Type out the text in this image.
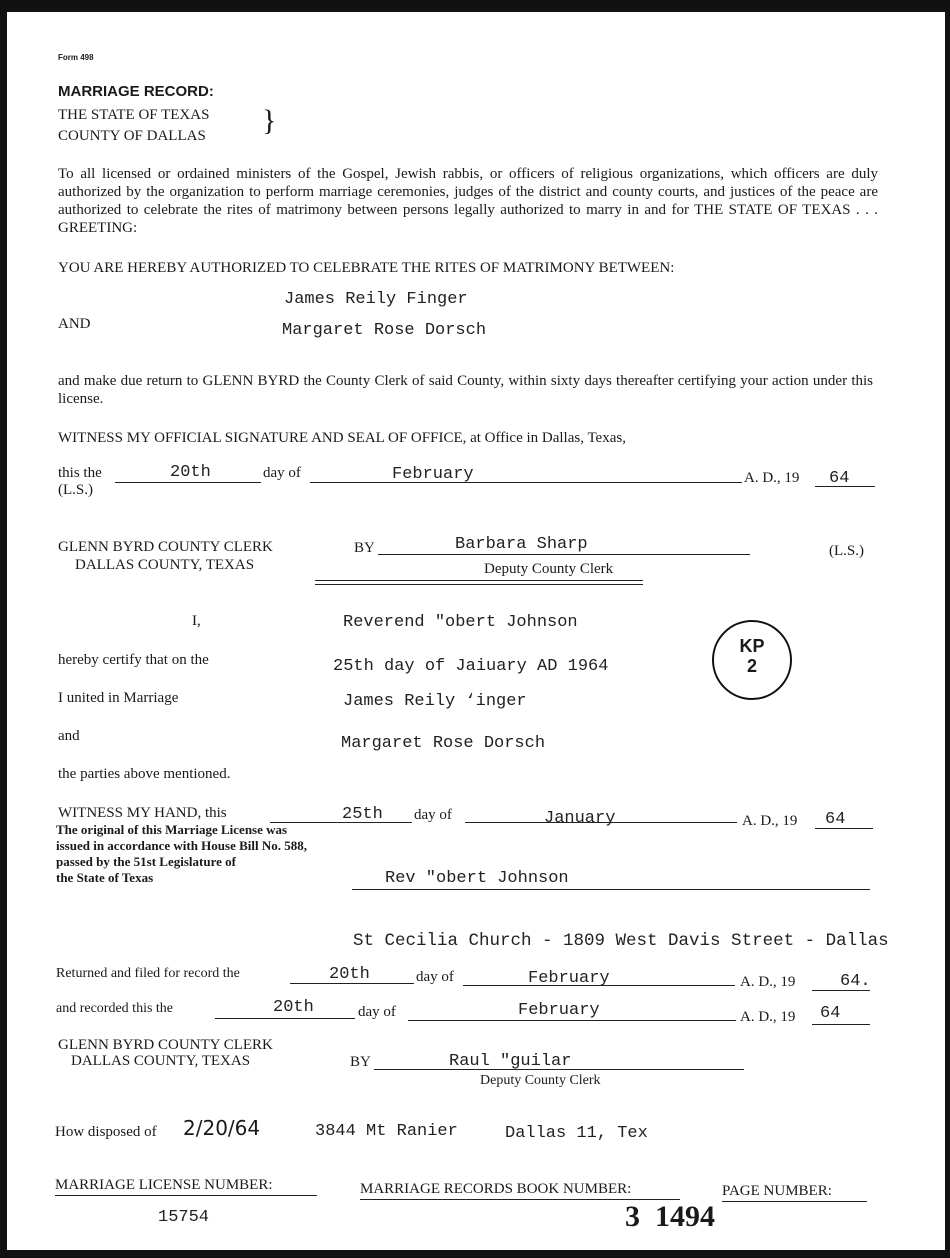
Form 498
MARRIAGE RECORD:
THE STATE OF TEXAS
COUNTY OF DALLAS }
To all licensed or ordained ministers of the Gospel, Jewish rabbis, or officers of religious organizations, which officers are duly authorized by the organization to perform marriage ceremonies, judges of the district and county courts, and justices of the peace are authorized to celebrate the rites of matrimony between persons legally authorized to marry in and for THE STATE OF TEXAS . . . GREETING:
YOU ARE HEREBY AUTHORIZED TO CELEBRATE THE RITES OF MATRIMONY BETWEEN:
James Reily Finger
AND	Margaret Rose Dorsch
and make due return to GLENN BYRD the County Clerk of said County, within sixty days thereafter certifying your action under this license.
WITNESS MY OFFICIAL SIGNATURE AND SEAL OF OFFICE, at Office in Dallas, Texas,
this the	20th	day of	February	A. D., 19 64
(L.S.)
GLENN BYRD COUNTY CLERK
DALLAS COUNTY, TEXAS
BY	Barbara Sharp
Deputy County Clerk
(L.S.)
I,	Reverend "obert Johnson
hereby certify that on the	25th day of Jaiuary AD 1964
I united in Marriage	James Reily ‘inger
and	Margaret Rose Dorsch
the parties above mentioned.
KP
2
WITNESS MY HAND, this	25th day of	January	A. D., 19 64
The original of this Marriage License was
issued in accordance with House Bill No. 588,
passed by the 51st Legislature of
the State of Texas	Rev "obert Johnson
St Cecilia Church - 1809 West Davis Street - Dallas
Returned and filed for record the	20th	day of	February	A. D., 19	64.
and recorded this the	20th	day of	February	A. D., 19 64
GLENN BYRD COUNTY CLERK
DALLAS COUNTY, TEXAS	BY	Raul "guilar
Deputy County Clerk
How disposed of 2/20/64	3844 Mt Ranier	Dallas 11, Tex
MARRIAGE LICENSE NUMBER:
15754
MARRIAGE RECORDS BOOK NUMBER:
3
PAGE NUMBER:
1494
